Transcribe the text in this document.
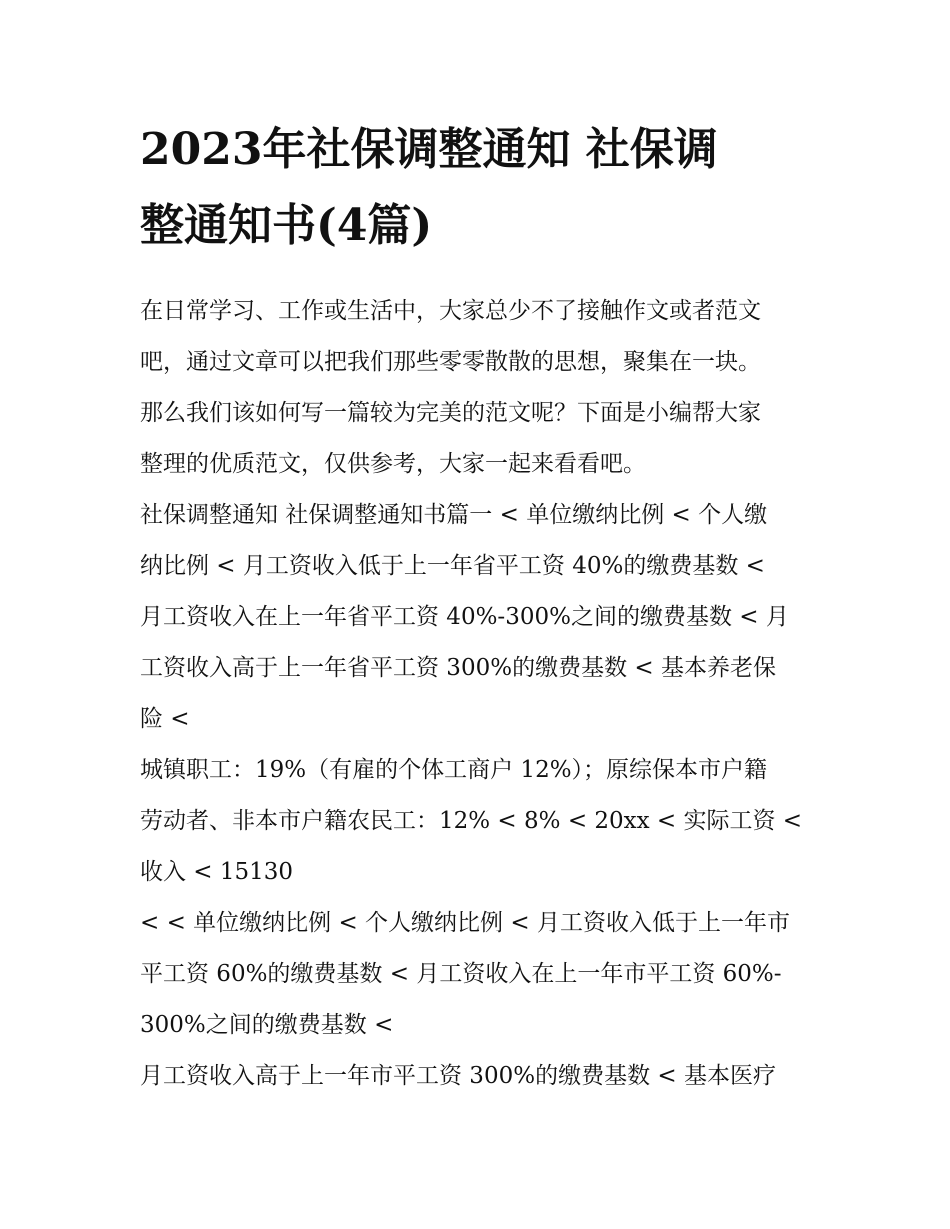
2023年社保调整通知 社保调
整通知书(4篇)

在日常学习、工作或生活中，大家总少不了接触作文或者范文
吧，通过文章可以把我们那些零零散散的思想，聚集在一块。
那么我们该如何写一篇较为完美的范文呢？下面是小编帮大家
整理的优质范文，仅供参考，大家一起来看看吧。

社保调整通知 社保调整通知书篇一 < 单位缴纳比例 < 个人缴
纳比例 < 月工资收入低于上一年省平工资 40%的缴费基数 <
月工资收入在上一年省平工资 40%-300%之间的缴费基数 < 月
工资收入高于上一年省平工资 300%的缴费基数 < 基本养老保
险 <

城镇职工：19%（有雇的个体工商户 12%）；原综保本市户籍
劳动者、非本市户籍农民工：12% < 8% < 20xx < 实际工资 <
收入 < 15130

< < 单位缴纳比例 < 个人缴纳比例 < 月工资收入低于上一年市
平工资 60%的缴费基数 < 月工资收入在上一年市平工资 60%-
300%之间的缴费基数 <

月工资收入高于上一年市平工资 300%的缴费基数 < 基本医疗
